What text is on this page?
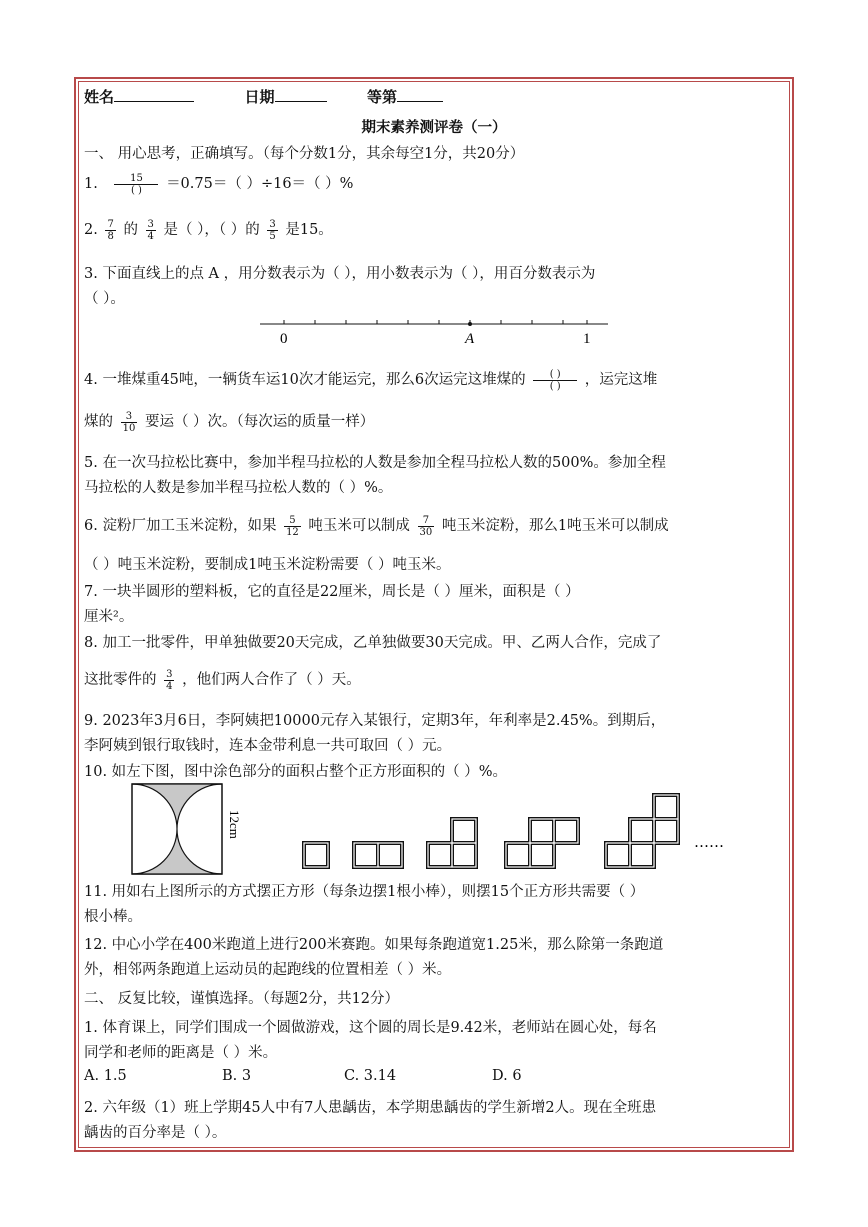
姓名	日期	等第
期末素养测评卷（一）
一、 用心思考，正确填写。（每个分数1分，其余每空1分，共20分）
1. $\frac{15}{( )} =0.75=$（ ）÷16＝（ ）%
2. $\frac{7}{8}$ 的 $\frac{3}{4}$ 是（ ），（ ）的 $\frac{3}{5}$ 是15。
3. 下面直线上的点 A ，用分数表示为（ ），用小数表示为（ ），用百分数表示为
（ ）。
0	A	1
4. 一堆煤重45吨，一辆货车运10次才能运完，那么6次运完这堆煤的 $\frac{( )}{( )}$ ，运完这堆
煤的 $\frac{3}{10}$ 要运（ ）次。（每次运的质量一样）
5. 在一次马拉松比赛中，参加半程马拉松的人数是参加全程马拉松人数的500%。参加全程
马拉松的人数是参加半程马拉松人数的（ ）%。
6. 淀粉厂加工玉米淀粉，如果 $\frac{5}{12}$ 吨玉米可以制成 $\frac{7}{30}$ 吨玉米淀粉，那么1吨玉米可以制成
（ ）吨玉米淀粉，要制成1吨玉米淀粉需要（ ）吨玉米。
7. 一块半圆形的塑料板，它的直径是22厘米，周长是（ ）厘米，面积是（ ）
厘米²。
8. 加工一批零件，甲单独做要20天完成，乙单独做要30天完成。甲、乙两人合作，完成了
这批零件的 $\frac{3}{4}$ ，他们两人合作了（ ）天。
9. 2023年3月6日，李阿姨把10000元存入某银行，定期3年，年利率是2.45%。到期后，
李阿姨到银行取钱时，连本金带利息一共可取回（ ）元。
10. 如左下图，图中涂色部分的面积占整个正方形面积的（ ）%。
12cm
……
11. 用如右上图所示的方式摆正方形（每条边摆1根小棒），则摆15个正方形共需要（ ）
根小棒。
12. 中心小学在400米跑道上进行200米赛跑。如果每条跑道宽1.25米，那么除第一条跑道
外，相邻两条跑道上运动员的起跑线的位置相差（ ）米。
二、 反复比较，谨慎选择。（每题2分，共12分）
1. 体育课上，同学们围成一个圆做游戏，这个圆的周长是9.42米，老师站在圆心处，每名
同学和老师的距离是（ ）米。
A. 1.5	B. 3	C. 3.14	D. 6
2. 六年级（1）班上学期45人中有7人患龋齿，本学期患龋齿的学生新增2人。现在全班患
龋齿的百分率是（ ）。
